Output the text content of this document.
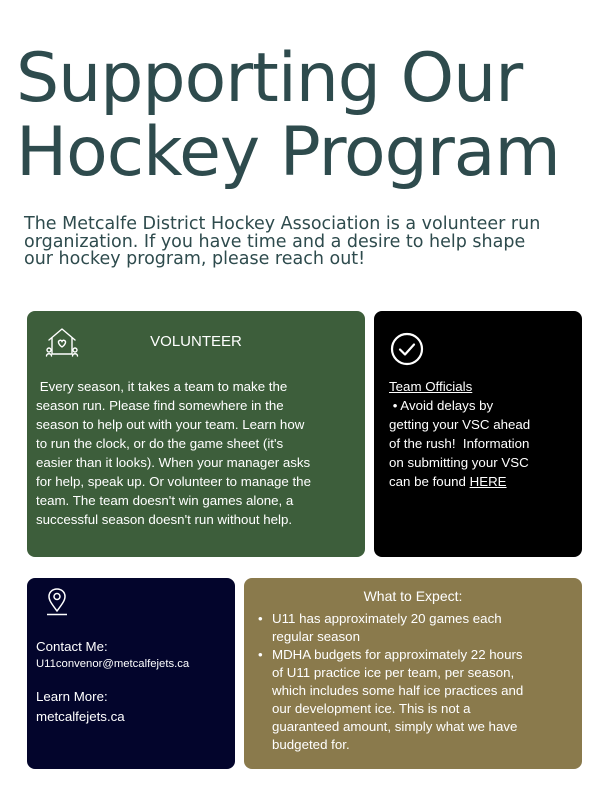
Supporting Our
Hockey Program

The Metcalfe District Hockey Association is a volunteer run
organization. If you have time and a desire to help shape
our hockey program, please reach out!

VOLUNTEER

Every season, it takes a team to make the
season run. Please find somewhere in the
season to help out with your team. Learn how
to run the clock, or do the game sheet (it's
easier than it looks). When your manager asks
for help, speak up. Or volunteer to manage the
team. The team doesn't win games alone, a
successful season doesn't run without help.

Team Officials
• Avoid delays by
getting your VSC ahead
of the rush!  Information
on submitting your VSC
can be found HERE
Contact Me:
U11convenor@metcalfejets.ca
Learn More:
metcalfejets.ca
What to Expect:
• U11 has approximately 20 games each
regular season
• MDHA budgets for approximately 22 hours
of U11 practice ice per team, per season,
which includes some half ice practices and
our development ice. This is not a
guaranteed amount, simply what we have
budgeted for.
